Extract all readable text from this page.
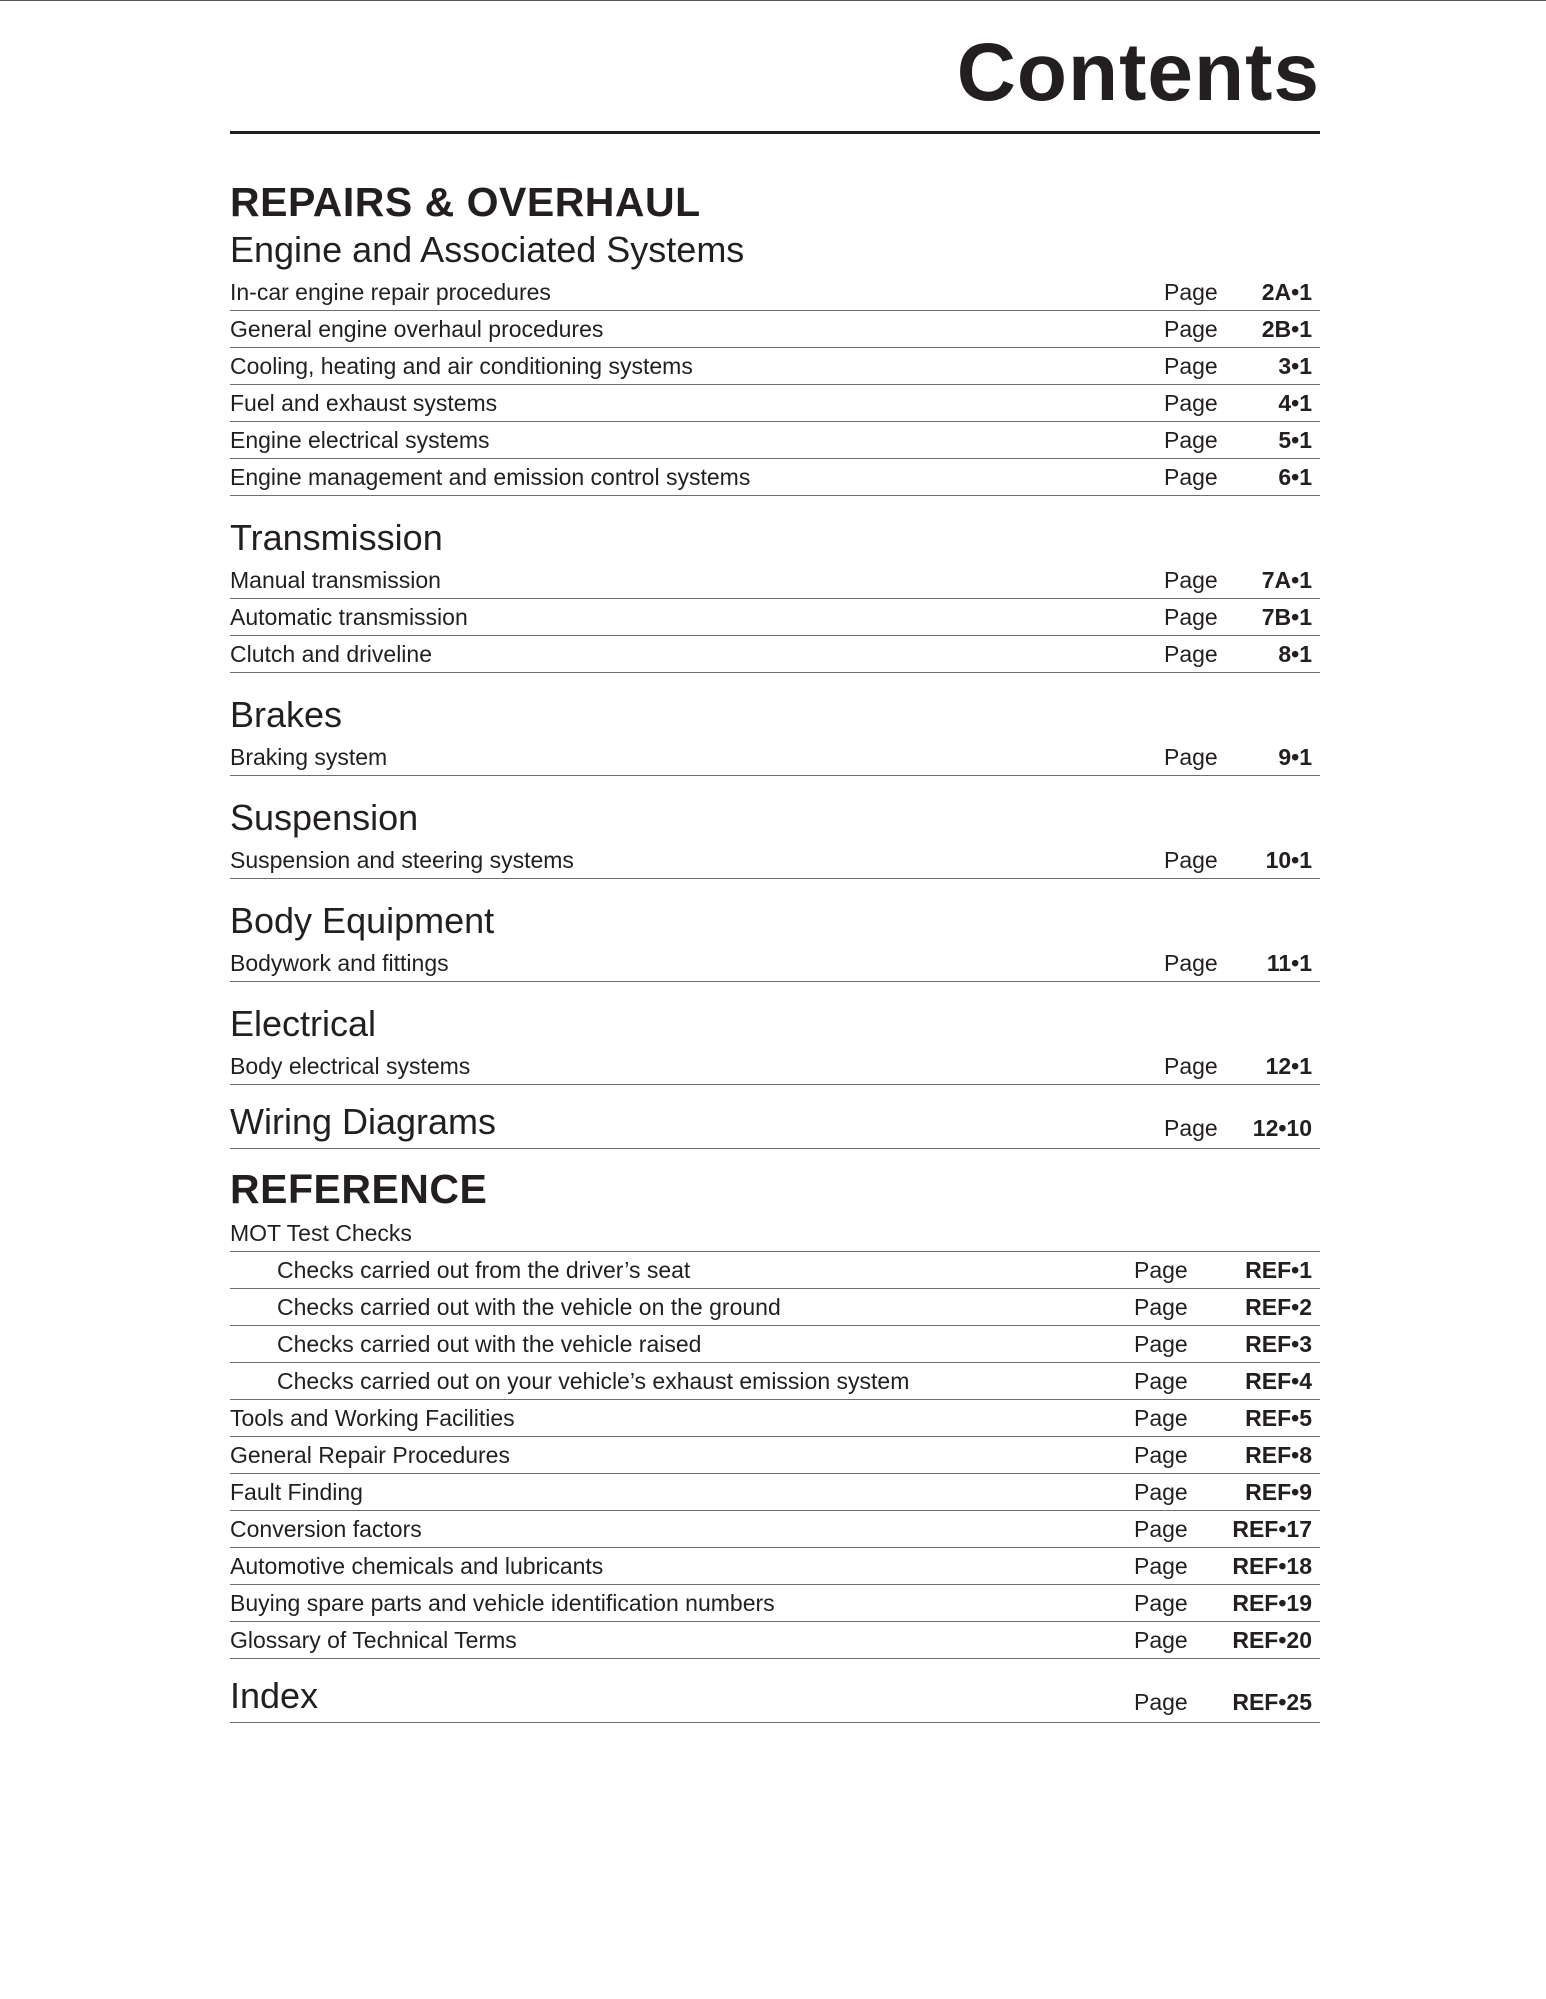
Contents
REPAIRS & OVERHAUL
Engine and Associated Systems
In-car engine repair procedures	Page	2A•1
General engine overhaul procedures	Page	2B•1
Cooling, heating and air conditioning systems	Page	3•1
Fuel and exhaust systems	Page	4•1
Engine electrical systems	Page	5•1
Engine management and emission control systems	Page	6•1
Transmission
Manual transmission	Page	7A•1
Automatic transmission	Page	7B•1
Clutch and driveline	Page	8•1
Brakes
Braking system	Page	9•1
Suspension
Suspension and steering systems	Page	10•1
Body Equipment
Bodywork and fittings	Page	11•1
Electrical
Body electrical systems	Page	12•1
Wiring Diagrams	Page	12•10
REFERENCE
MOT Test Checks
Checks carried out from the driver’s seat	Page	REF•1
Checks carried out with the vehicle on the ground	Page	REF•2
Checks carried out with the vehicle raised	Page	REF•3
Checks carried out on your vehicle’s exhaust emission system	Page	REF•4
Tools and Working Facilities	Page	REF•5
General Repair Procedures	Page	REF•8
Fault Finding	Page	REF•9
Conversion factors	Page	REF•17
Automotive chemicals and lubricants	Page	REF•18
Buying spare parts and vehicle identification numbers	Page	REF•19
Glossary of Technical Terms	Page	REF•20
Index	Page	REF•25
